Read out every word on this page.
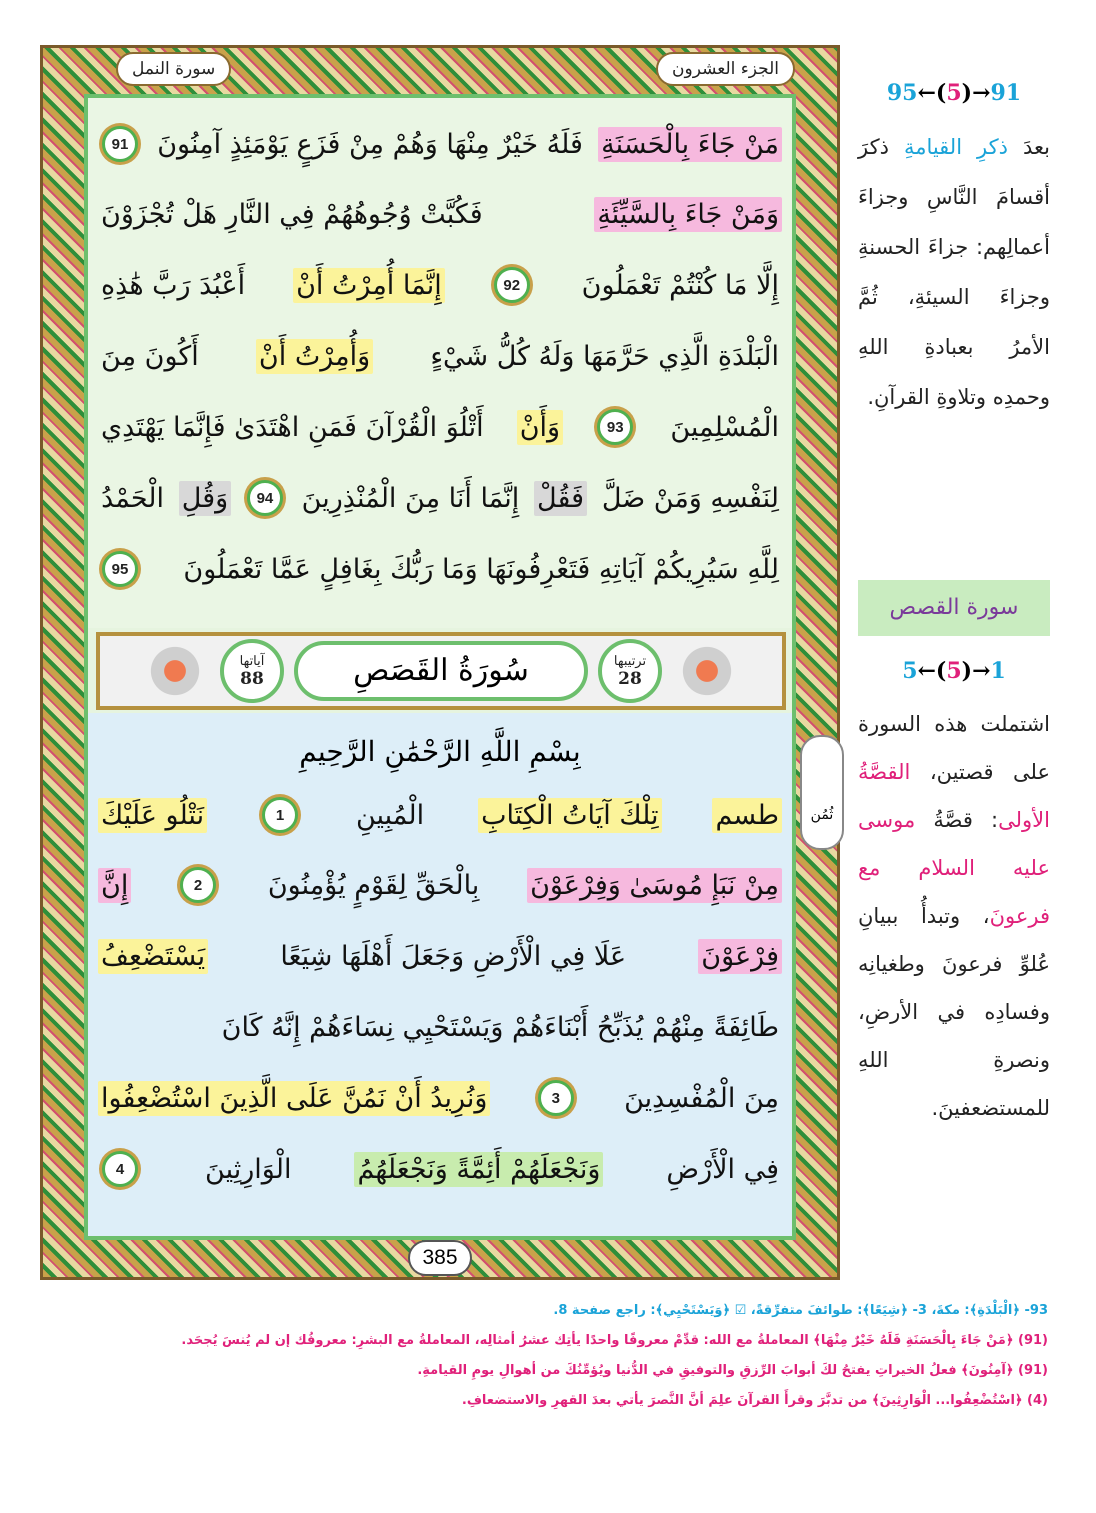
سورة النمل	الجزء العشرون
مَنْ جَاءَ بِالْحَسَنَةِ
فَلَهُ خَيْرٌ مِنْهَا وَهُمْ مِنْ فَزَعٍ يَوْمَئِذٍ آمِنُونَ
91
وَمَنْ جَاءَ بِالسَّيِّئَةِ
فَكُبَّتْ وُجُوهُهُمْ فِي النَّارِ هَلْ تُجْزَوْنَ
إِلَّا مَا كُنْتُمْ تَعْمَلُونَ
92
إِنَّمَا أُمِرْتُ أَنْ
أَعْبُدَ رَبَّ هَٰذِهِ
الْبَلْدَةِ الَّذِي حَرَّمَهَا وَلَهُ كُلُّ شَيْءٍ
وَأُمِرْتُ أَنْ
أَكُونَ مِنَ
الْمُسْلِمِينَ
93
وَأَنْ
أَتْلُوَ الْقُرْآنَ فَمَنِ اهْتَدَىٰ فَإِنَّمَا يَهْتَدِي
لِنَفْسِهِ وَمَنْ ضَلَّ
فَقُلْ
إِنَّمَا أَنَا مِنَ الْمُنْذِرِينَ
94
وَقُلِ
الْحَمْدُ
لِلَّهِ سَيُرِيكُمْ آيَاتِهِ فَتَعْرِفُونَهَا وَمَا رَبُّكَ بِغَافِلٍ عَمَّا تَعْمَلُونَ
95
آياتها
88	سُورَةُ القَصَصِ	ترتيبها
28
بِسْمِ اللَّهِ الرَّحْمَٰنِ الرَّحِيمِ
طسم
تِلْكَ آيَاتُ الْكِتَابِ
الْمُبِينِ
1
نَتْلُو عَلَيْكَ
مِنْ نَبَإِ مُوسَىٰ وَفِرْعَوْنَ
بِالْحَقِّ لِقَوْمٍ يُؤْمِنُونَ
2
إِنَّ
فِرْعَوْنَ
عَلَا فِي الْأَرْضِ وَجَعَلَ أَهْلَهَا شِيَعًا
يَسْتَضْعِفُ
طَائِفَةً مِنْهُمْ يُذَبِّحُ أَبْنَاءَهُمْ وَيَسْتَحْيِي نِسَاءَهُمْ إِنَّهُ كَانَ
مِنَ الْمُفْسِدِينَ
3
وَنُرِيدُ أَنْ نَمُنَّ عَلَى الَّذِينَ اسْتُضْعِفُوا
فِي الْأَرْضِ
وَنَجْعَلَهُمْ أَئِمَّةً وَنَجْعَلَهُمُ
الْوَارِثِينَ
4
385
95←(5)→91

بعدَ ذكرِ القيامةِ ذكرَ أقسامَ النَّاسِ وجزاءَ أعمالِهم: جزاءَ الحسنةِ وجزاءَ السيئةِ، ثُمَّ الأمرُ بعبادةِ اللهِ وحمدِه وتلاوةِ القرآنِ.

سورة القصص
5←(5)→1

اشتملت هذه السورة على قصتين، القصَّةُ الأولى: قصَّةُ موسى عليه السلام مع فرعونَ، وتبدأُ ببيانِ عُلوِّ فرعونَ وطغيانِه وفسادِه في الأرضِ، ونصرةِ اللهِ للمستضعفينَ.

ثُمُن
93- ﴿الْبَلْدَةِ﴾: مكةَ، 3- ﴿شِيَعًا﴾: طوائفَ متفرِّقةً، ☑ ﴿وَيَسْتَحْيِي﴾: راجع صفحة 8.
(91) ﴿مَنْ جَاءَ بِالْحَسَنَةِ فَلَهُ خَيْرٌ مِنْهَا﴾ المعاملةُ مع الله: قدِّمْ معروفًا واحدًا يأتِك عشرُ أمثالِه، المعاملةُ مع البشرِ: معروفُك إن لم يُنسَ يُجحَد.
(91) ﴿آمِنُونَ﴾ فعلُ الخيراتِ يفتحُ لكَ أبوابَ الرِّزقِ والتوفيقِ في الدُّنيا ويُؤمِّنُكَ من أهوالِ يومِ القيامةِ.
(4) ﴿اسْتُضْعِفُوا... الْوَارِثِينَ﴾ من تدبَّرَ وقرأَ القرآنَ علِمَ أنَّ النَّصرَ يأتي بعدَ القهرِ والاستضعافِ.
